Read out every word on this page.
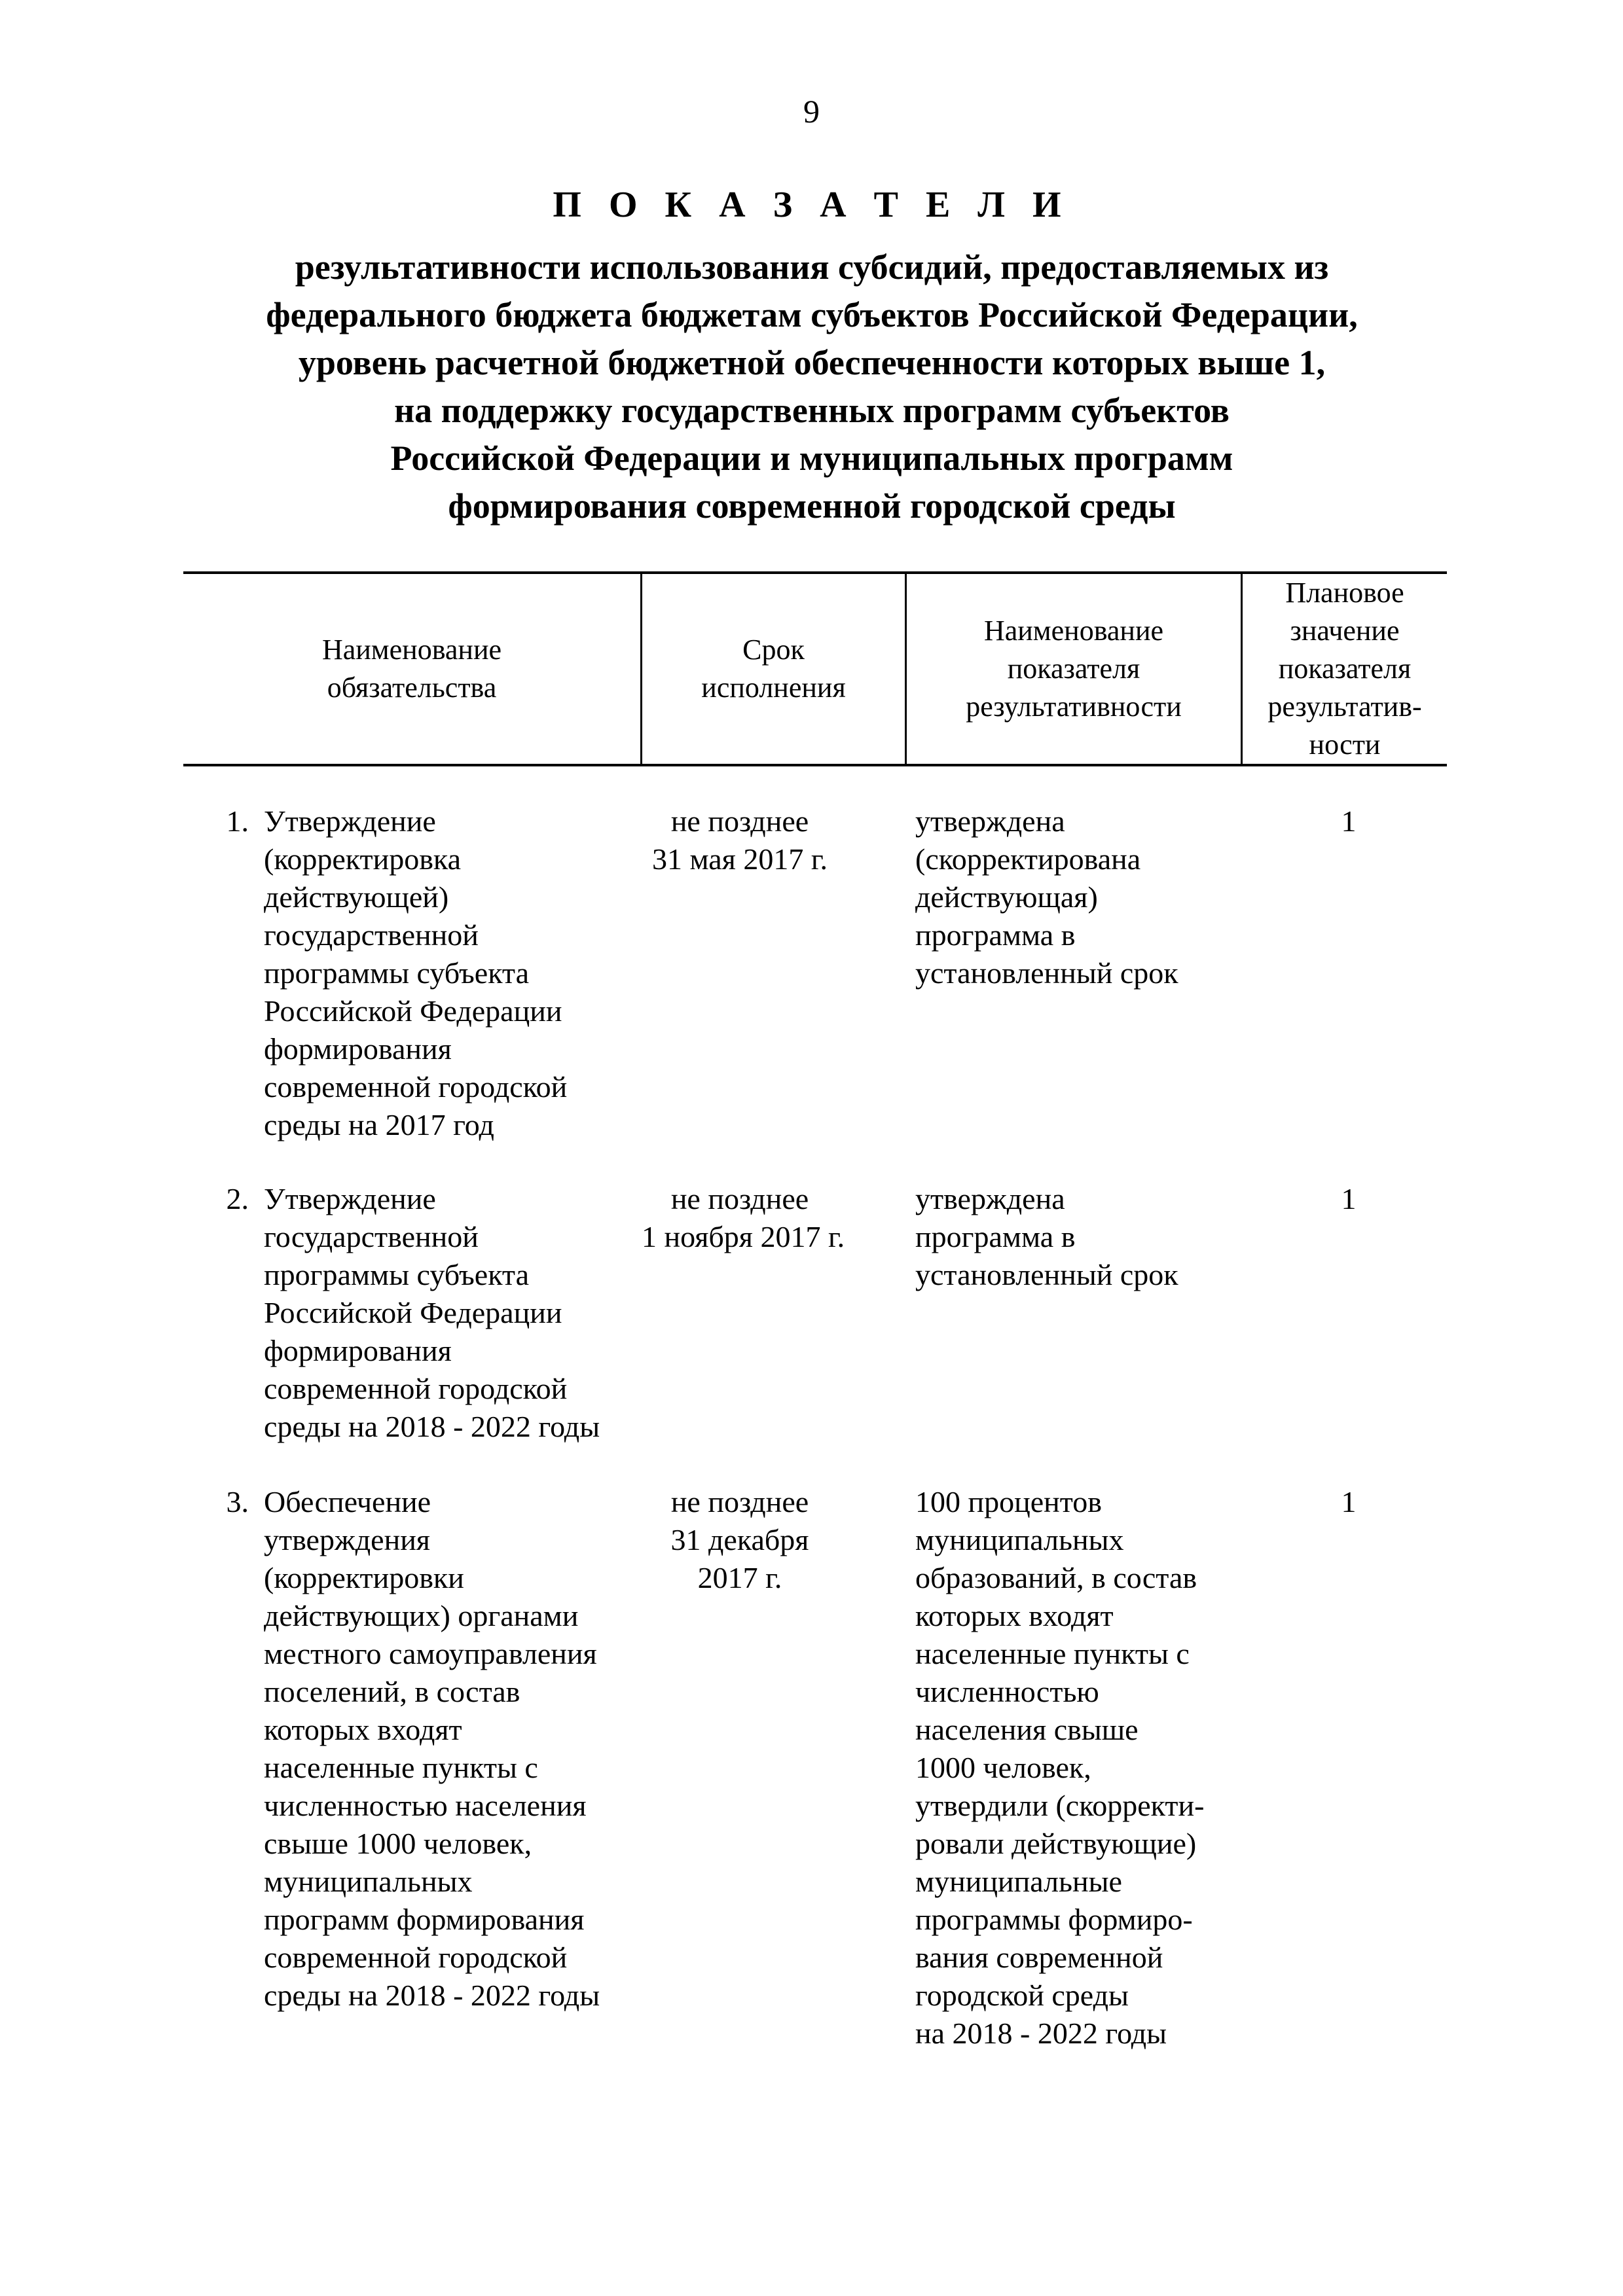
9
П О К А З А Т Е Л И
результативности использования субсидий, предоставляемых из
федерального бюджета бюджетам субъектов Российской Федерации,
уровень расчетной бюджетной обеспеченности которых выше 1,
на поддержку государственных программ субъектов
Российской Федерации и муниципальных программ
формирования современной городской среды
Наименование
обязательства
Срок
исполнения
Наименование
показателя
результативности
Плановое
значение
показателя
результатив-
ности
1. Утверждение
(корректировка
действующей)
государственной
программы субъекта
Российской Федерации
формирования
современной городской
среды на 2017 год
не позднее
31 мая 2017 г.
утверждена
(скорректирована
действующая)
программа в
установленный срок
1
2. Утверждение
государственной
программы субъекта
Российской Федерации
формирования
современной городской
среды на 2018 - 2022 годы
не позднее
1 ноября 2017 г.
утверждена
программа в
установленный срок
1
3. Обеспечение
утверждения
(корректировки
действующих) органами
местного самоуправления
поселений, в состав
которых входят
населенные пункты с
численностью населения
свыше 1000 человек,
муниципальных
программ формирования
современной городской
среды на 2018 - 2022 годы
не позднее
31 декабря
2017 г.
100 процентов
муниципальных
образований, в состав
которых входят
населенные пункты с
численностью
населения свыше
1000 человек,
утвердили (скорректи-
ровали действующие)
муниципальные
программы формиро-
вания современной
городской среды
на 2018 - 2022 годы
1
